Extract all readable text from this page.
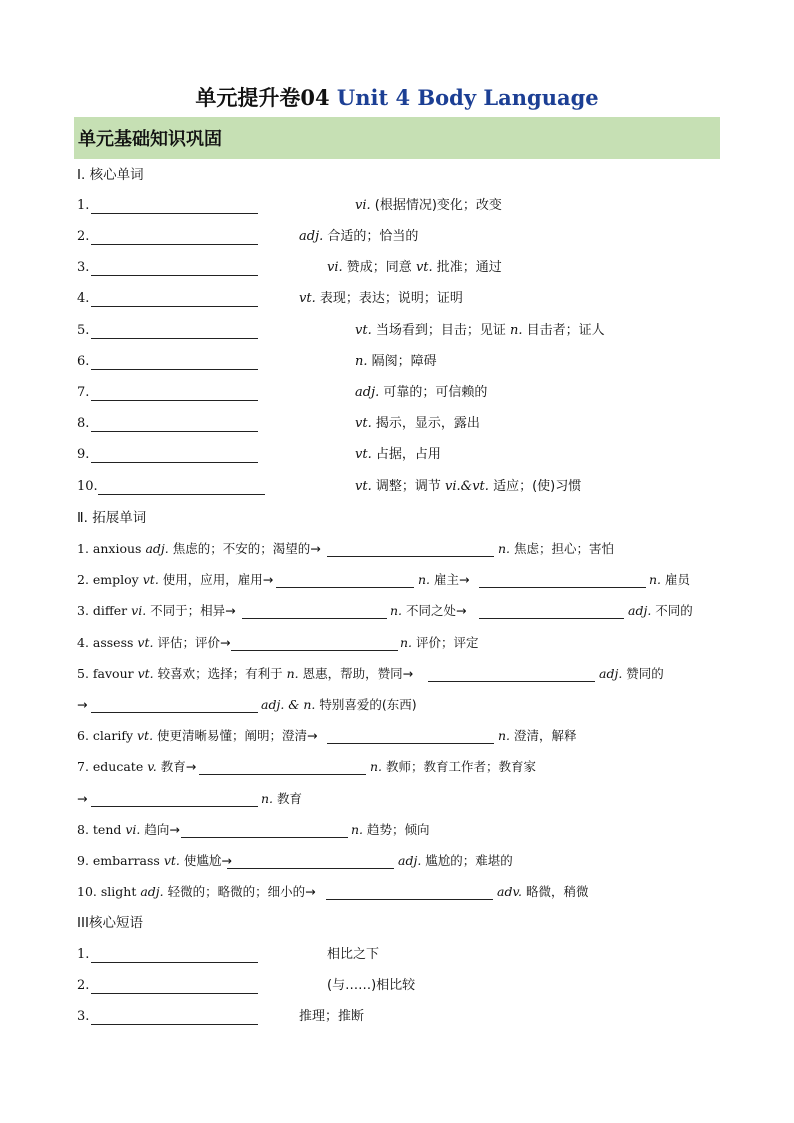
单元提升卷04 Unit 4 Body Language
单元基础知识巩固
Ⅰ. 核心单词
1.	vi. (根据情况)变化；改变
2.	adj. 合适的；恰当的
3.	vi. 赞成；同意 vt. 批准；通过
4.	vt. 表现；表达；说明；证明
5.	vt. 当场看到；目击；见证 n. 目击者；证人
6.	n. 隔阂；障碍
7.	adj. 可靠的；可信赖的
8.	vt. 揭示，显示，露出
9.	vt. 占据，占用
10.	vt. 调整；调节 vi.&vt. 适应；(使)习惯
Ⅱ. 拓展单词
1. anxious adj. 焦虑的；不安的；渴望的→	n. 焦虑；担心；害怕
2. employ vt. 使用，应用，雇用→	n. 雇主→	n. 雇员
3. differ vi. 不同于；相异→	n. 不同之处→	adj. 不同的
4. assess vt. 评估；评价→	n. 评价；评定
5. favour vt. 较喜欢；选择；有利于 n. 恩惠，帮助，赞同→	adj. 赞同的
→	adj. & n. 特别喜爱的(东西)
6. clarify vt. 使更清晰易懂；阐明；澄清→	n. 澄清，解释
7. educate v. 教育→	n. 教师；教育工作者；教育家
→	n. 教育
8. tend vi. 趋向→	n. 趋势；倾向
9. embarrass vt. 使尴尬→	adj. 尴尬的；难堪的
10. slight adj. 轻微的；略微的；细小的→	adv. 略微，稍微
III核心短语
1.	相比之下
2.	(与……)相比较
3.	推理；推断
